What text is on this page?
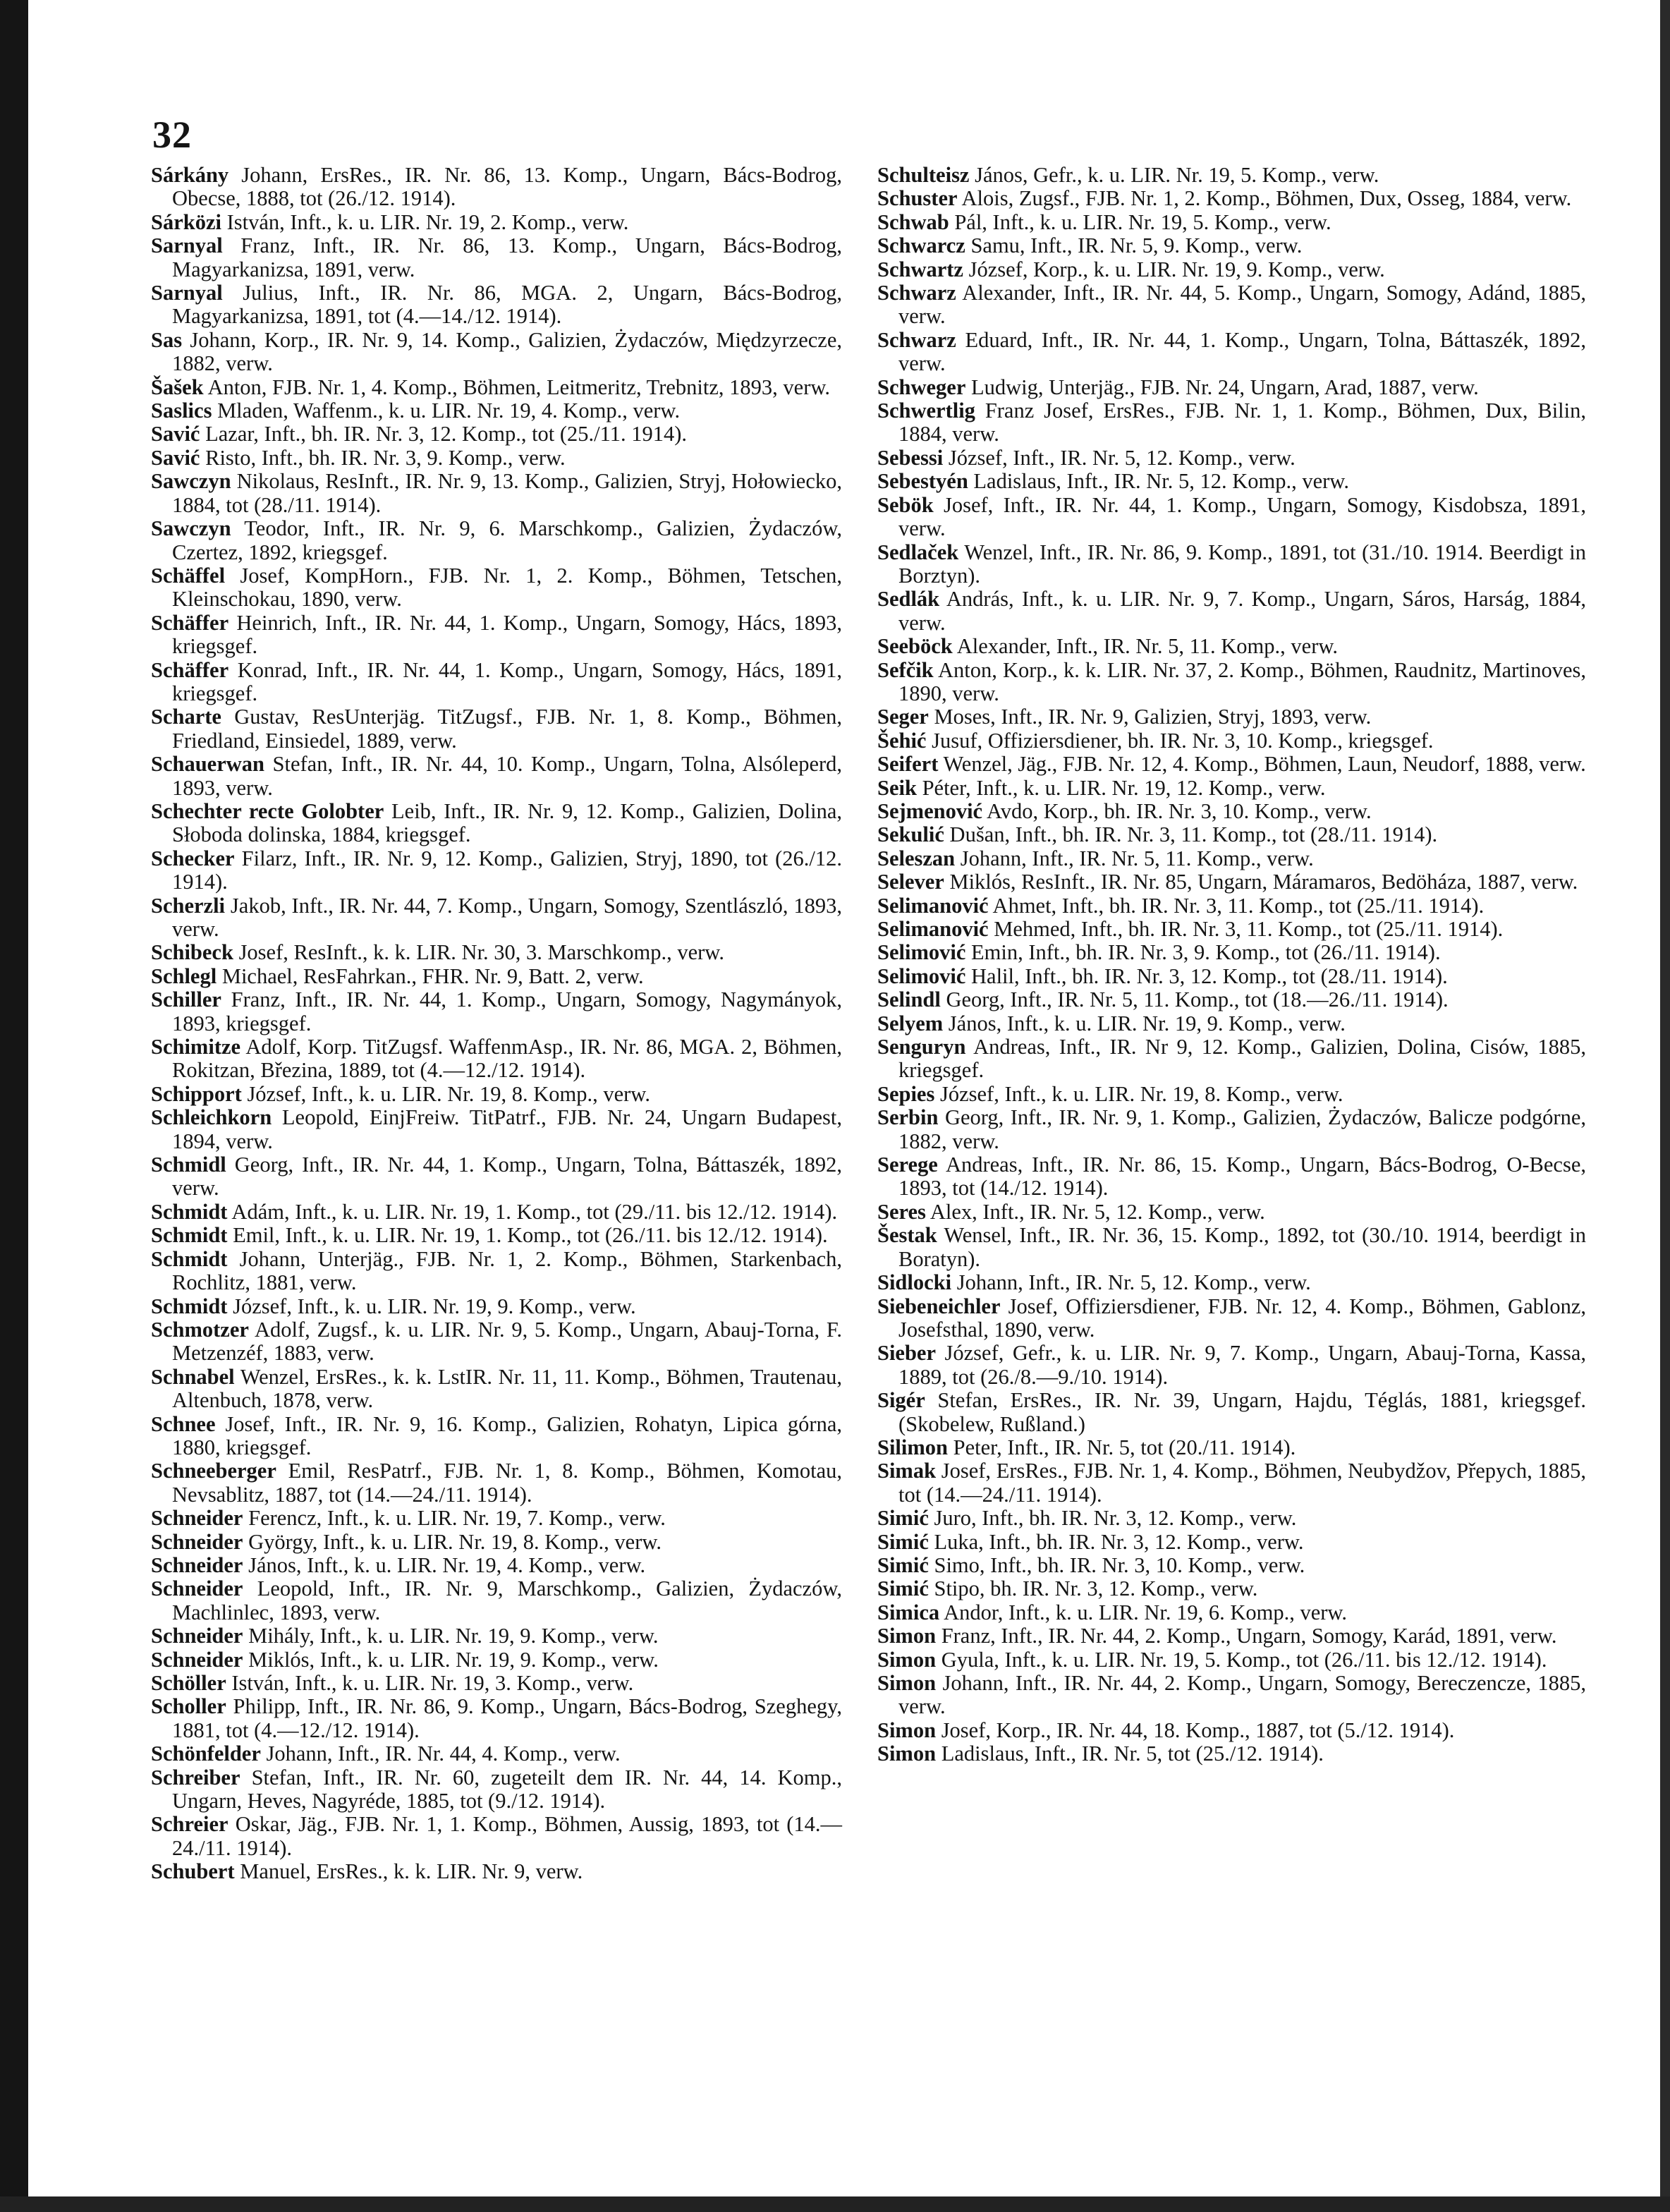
32
Sárkány Johann, ErsRes., IR. Nr. 86, 13. Komp., Ungarn, Bács-Bodrog, Obecse, 1888, tot (26./12. 1914).
Sárközi István, Inft., k. u. LIR. Nr. 19, 2. Komp., verw.
Sarnyal Franz, Inft., IR. Nr. 86, 13. Komp., Ungarn, Bács-Bodrog, Magyarkanizsa, 1891, verw.
Sarnyal Julius, Inft., IR. Nr. 86, MGA. 2, Ungarn, Bács-Bodrog, Magyarkanizsa, 1891, tot (4.—14./12. 1914).
Sas Johann, Korp., IR. Nr. 9, 14. Komp., Galizien, Żydaczów, Międzyrzecze, 1882, verw.
Šašek Anton, FJB. Nr. 1, 4. Komp., Böhmen, Leitmeritz, Trebnitz, 1893, verw.
Saslics Mladen, Waffenm., k. u. LIR. Nr. 19, 4. Komp., verw.
Savić Lazar, Inft., bh. IR. Nr. 3, 12. Komp., tot (25./11. 1914).
Savić Risto, Inft., bh. IR. Nr. 3, 9. Komp., verw.
Sawczyn Nikolaus, ResInft., IR. Nr. 9, 13. Komp., Galizien, Stryj, Hołowiecko, 1884, tot (28./11. 1914).
Sawczyn Teodor, Inft., IR. Nr. 9, 6. Marschkomp., Galizien, Żydaczów, Czertez, 1892, kriegsgef.
Schäffel Josef, KompHorn., FJB. Nr. 1, 2. Komp., Böhmen, Tetschen, Kleinschokau, 1890, verw.
Schäffer Heinrich, Inft., IR. Nr. 44, 1. Komp., Ungarn, Somogy, Hács, 1893, kriegsgef.
Schäffer Konrad, Inft., IR. Nr. 44, 1. Komp., Ungarn, Somogy, Hács, 1891, kriegsgef.
Scharte Gustav, ResUnterjäg. TitZugsf., FJB. Nr. 1, 8. Komp., Böhmen, Friedland, Einsiedel, 1889, verw.
Schauerwan Stefan, Inft., IR. Nr. 44, 10. Komp., Ungarn, Tolna, Alsóleperd, 1893, verw.
Schechter recte Golobter Leib, Inft., IR. Nr. 9, 12. Komp., Galizien, Dolina, Słoboda dolinska, 1884, kriegsgef.
Schecker Filarz, Inft., IR. Nr. 9, 12. Komp., Galizien, Stryj, 1890, tot (26./12. 1914).
Scherzli Jakob, Inft., IR. Nr. 44, 7. Komp., Ungarn, Somogy, Szentlászló, 1893, verw.
Schibeck Josef, ResInft., k. k. LIR. Nr. 30, 3. Marschkomp., verw.
Schlegl Michael, ResFahrkan., FHR. Nr. 9, Batt. 2, verw.
Schiller Franz, Inft., IR. Nr. 44, 1. Komp., Ungarn, Somogy, Nagymányok, 1893, kriegsgef.
Schimitze Adolf, Korp. TitZugsf. WaffenmAsp., IR. Nr. 86, MGA. 2, Böhmen, Rokitzan, Březina, 1889, tot (4.—12./12. 1914).
Schipport József, Inft., k. u. LIR. Nr. 19, 8. Komp., verw.
Schleichkorn Leopold, EinjFreiw. TitPatrf., FJB. Nr. 24, Ungarn Budapest, 1894, verw.
Schmidl Georg, Inft., IR. Nr. 44, 1. Komp., Ungarn, Tolna, Báttaszék, 1892, verw.
Schmidt Adám, Inft., k. u. LIR. Nr. 19, 1. Komp., tot (29./11. bis 12./12. 1914).
Schmidt Emil, Inft., k. u. LIR. Nr. 19, 1. Komp., tot (26./11. bis 12./12. 1914).
Schmidt Johann, Unterjäg., FJB. Nr. 1, 2. Komp., Böhmen, Starkenbach, Rochlitz, 1881, verw.
Schmidt József, Inft., k. u. LIR. Nr. 19, 9. Komp., verw.
Schmotzer Adolf, Zugsf., k. u. LIR. Nr. 9, 5. Komp., Ungarn, Abauj-Torna, F. Metzenzéf, 1883, verw.
Schnabel Wenzel, ErsRes., k. k. LstIR. Nr. 11, 11. Komp., Böhmen, Trautenau, Altenbuch, 1878, verw.
Schnee Josef, Inft., IR. Nr. 9, 16. Komp., Galizien, Rohatyn, Lipica górna, 1880, kriegsgef.
Schneeberger Emil, ResPatrf., FJB. Nr. 1, 8. Komp., Böhmen, Komotau, Nevsablitz, 1887, tot (14.—24./11. 1914).
Schneider Ferencz, Inft., k. u. LIR. Nr. 19, 7. Komp., verw.
Schneider György, Inft., k. u. LIR. Nr. 19, 8. Komp., verw.
Schneider János, Inft., k. u. LIR. Nr. 19, 4. Komp., verw.
Schneider Leopold, Inft., IR. Nr. 9, Marschkomp., Galizien, Żydaczów, Machlinlec, 1893, verw.
Schneider Mihály, Inft., k. u. LIR. Nr. 19, 9. Komp., verw.
Schneider Miklós, Inft., k. u. LIR. Nr. 19, 9. Komp., verw.
Schöller István, Inft., k. u. LIR. Nr. 19, 3. Komp., verw.
Scholler Philipp, Inft., IR. Nr. 86, 9. Komp., Ungarn, Bács-Bodrog, Szeghegy, 1881, tot (4.—12./12. 1914).
Schönfelder Johann, Inft., IR. Nr. 44, 4. Komp., verw.
Schreiber Stefan, Inft., IR. Nr. 60, zugeteilt dem IR. Nr. 44, 14. Komp., Ungarn, Heves, Nagyréde, 1885, tot (9./12. 1914).
Schreier Oskar, Jäg., FJB. Nr. 1, 1. Komp., Böhmen, Aussig, 1893, tot (14.—24./11. 1914).
Schubert Manuel, ErsRes., k. k. LIR. Nr. 9, verw.
Schulteisz János, Gefr., k. u. LIR. Nr. 19, 5. Komp., verw.
Schuster Alois, Zugsf., FJB. Nr. 1, 2. Komp., Böhmen, Dux, Osseg, 1884, verw.
Schwab Pál, Inft., k. u. LIR. Nr. 19, 5. Komp., verw.
Schwarcz Samu, Inft., IR. Nr. 5, 9. Komp., verw.
Schwartz József, Korp., k. u. LIR. Nr. 19, 9. Komp., verw.
Schwarz Alexander, Inft., IR. Nr. 44, 5. Komp., Ungarn, Somogy, Adánd, 1885, verw.
Schwarz Eduard, Inft., IR. Nr. 44, 1. Komp., Ungarn, Tolna, Báttaszék, 1892, verw.
Schweger Ludwig, Unterjäg., FJB. Nr. 24, Ungarn, Arad, 1887, verw.
Schwertlig Franz Josef, ErsRes., FJB. Nr. 1, 1. Komp., Böhmen, Dux, Bilin, 1884, verw.
Sebessi József, Inft., IR. Nr. 5, 12. Komp., verw.
Sebestyén Ladislaus, Inft., IR. Nr. 5, 12. Komp., verw.
Sebök Josef, Inft., IR. Nr. 44, 1. Komp., Ungarn, Somogy, Kisdobsza, 1891, verw.
Sedlaček Wenzel, Inft., IR. Nr. 86, 9. Komp., 1891, tot (31./10. 1914. Beerdigt in Borztyn).
Sedlák András, Inft., k. u. LIR. Nr. 9, 7. Komp., Ungarn, Sáros, Harság, 1884, verw.
Seeböck Alexander, Inft., IR. Nr. 5, 11. Komp., verw.
Sefčik Anton, Korp., k. k. LIR. Nr. 37, 2. Komp., Böhmen, Raudnitz, Martinoves, 1890, verw.
Seger Moses, Inft., IR. Nr. 9, Galizien, Stryj, 1893, verw.
Šehić Jusuf, Offiziersdiener, bh. IR. Nr. 3, 10. Komp., kriegsgef.
Seifert Wenzel, Jäg., FJB. Nr. 12, 4. Komp., Böhmen, Laun, Neudorf, 1888, verw.
Seik Péter, Inft., k. u. LIR. Nr. 19, 12. Komp., verw.
Sejmenović Avdo, Korp., bh. IR. Nr. 3, 10. Komp., verw.
Sekulić Dušan, Inft., bh. IR. Nr. 3, 11. Komp., tot (28./11. 1914).
Seleszan Johann, Inft., IR. Nr. 5, 11. Komp., verw.
Selever Miklós, ResInft., IR. Nr. 85, Ungarn, Máramaros, Bedöháza, 1887, verw.
Selimanović Ahmet, Inft., bh. IR. Nr. 3, 11. Komp., tot (25./11. 1914).
Selimanović Mehmed, Inft., bh. IR. Nr. 3, 11. Komp., tot (25./11. 1914).
Selimović Emin, Inft., bh. IR. Nr. 3, 9. Komp., tot (26./11. 1914).
Selimović Halil, Inft., bh. IR. Nr. 3, 12. Komp., tot (28./11. 1914).
Selindl Georg, Inft., IR. Nr. 5, 11. Komp., tot (18.—26./11. 1914).
Selyem János, Inft., k. u. LIR. Nr. 19, 9. Komp., verw.
Senguryn Andreas, Inft., IR. Nr 9, 12. Komp., Galizien, Dolina, Cisów, 1885, kriegsgef.
Sepies József, Inft., k. u. LIR. Nr. 19, 8. Komp., verw.
Serbin Georg, Inft., IR. Nr. 9, 1. Komp., Galizien, Żydaczów, Balicze podgórne, 1882, verw.
Serege Andreas, Inft., IR. Nr. 86, 15. Komp., Ungarn, Bács-Bodrog, O-Becse, 1893, tot (14./12. 1914).
Seres Alex, Inft., IR. Nr. 5, 12. Komp., verw.
Šestak Wensel, Inft., IR. Nr. 36, 15. Komp., 1892, tot (30./10. 1914, beerdigt in Boratyn).
Sidlocki Johann, Inft., IR. Nr. 5, 12. Komp., verw.
Siebeneichler Josef, Offiziersdiener, FJB. Nr. 12, 4. Komp., Böhmen, Gablonz, Josefsthal, 1890, verw.
Sieber József, Gefr., k. u. LIR. Nr. 9, 7. Komp., Ungarn, Abauj-Torna, Kassa, 1889, tot (26./8.—9./10. 1914).
Sigér Stefan, ErsRes., IR. Nr. 39, Ungarn, Hajdu, Téglás, 1881, kriegsgef. (Skobelew, Rußland.)
Silimon Peter, Inft., IR. Nr. 5, tot (20./11. 1914).
Simak Josef, ErsRes., FJB. Nr. 1, 4. Komp., Böhmen, Neubydžov, Přepych, 1885, tot (14.—24./11. 1914).
Simić Juro, Inft., bh. IR. Nr. 3, 12. Komp., verw.
Simić Luka, Inft., bh. IR. Nr. 3, 12. Komp., verw.
Simić Simo, Inft., bh. IR. Nr. 3, 10. Komp., verw.
Simić Stipo, bh. IR. Nr. 3, 12. Komp., verw.
Simica Andor, Inft., k. u. LIR. Nr. 19, 6. Komp., verw.
Simon Franz, Inft., IR. Nr. 44, 2. Komp., Ungarn, Somogy, Karád, 1891, verw.
Simon Gyula, Inft., k. u. LIR. Nr. 19, 5. Komp., tot (26./11. bis 12./12. 1914).
Simon Johann, Inft., IR. Nr. 44, 2. Komp., Ungarn, Somogy, Bereczencze, 1885, verw.
Simon Josef, Korp., IR. Nr. 44, 18. Komp., 1887, tot (5./12. 1914).
Simon Ladislaus, Inft., IR. Nr. 5, tot (25./12. 1914).
